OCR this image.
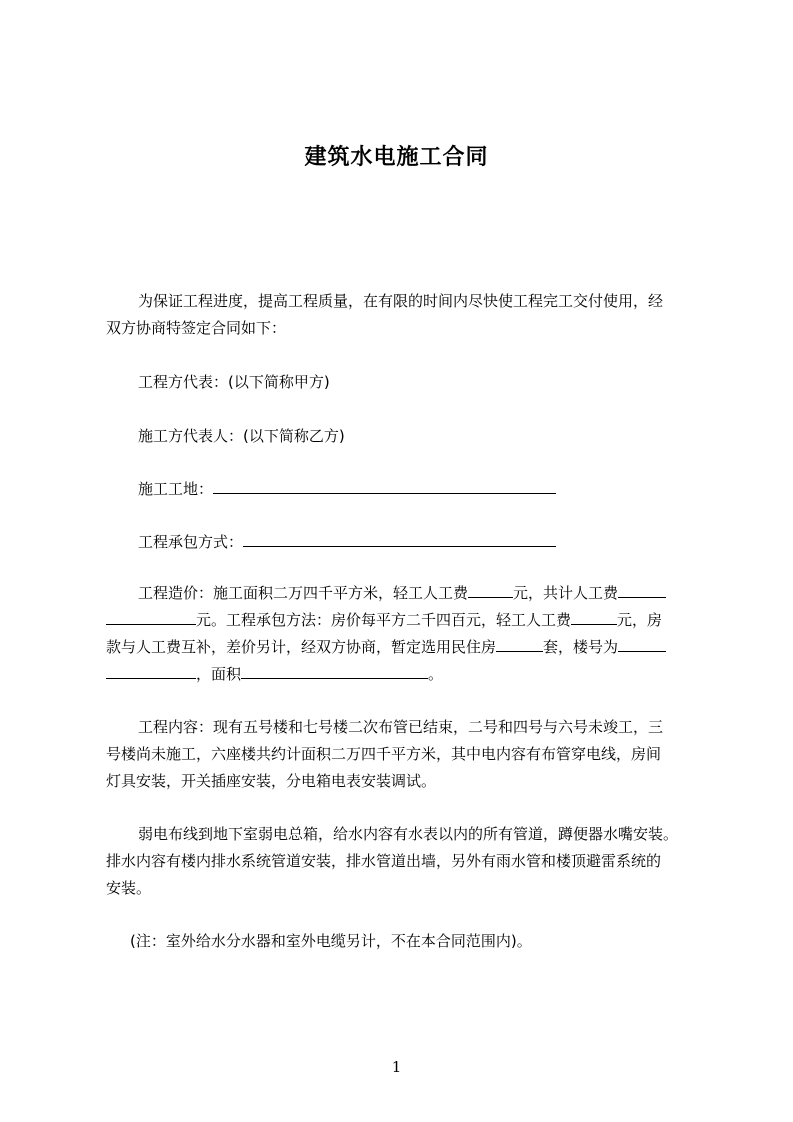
建筑水电施工合同
为保证工程进度，提高工程质量，在有限的时间内尽快使工程完工交付使用，经
双方协商特签定合同如下：
工程方代表：(以下简称甲方)
施工方代表人：(以下简称乙方)
施工工地：
工程承包方式：
工程造价：施工面积二万四千平方米，轻工人工费	元，共计人工费
元。工程承包方法：房价每平方二千四百元，轻工人工费	元，房
款与人工费互补，差价另计，经双方协商，暂定选用民住房	套，楼号为
，面积	。
工程内容：现有五号楼和七号楼二次布管已结束，二号和四号与六号未竣工，三
号楼尚未施工，六座楼共约计面积二万四千平方米，其中电内容有布管穿电线，房间
灯具安装，开关插座安装，分电箱电表安装调试。
弱电布线到地下室弱电总箱，给水内容有水表以内的所有管道，蹲便器水嘴安装。
排水内容有楼内排水系统管道安装，排水管道出墙，另外有雨水管和楼顶避雷系统的
安装。
(注：室外给水分水器和室外电缆另计，不在本合同范围内)。
1
